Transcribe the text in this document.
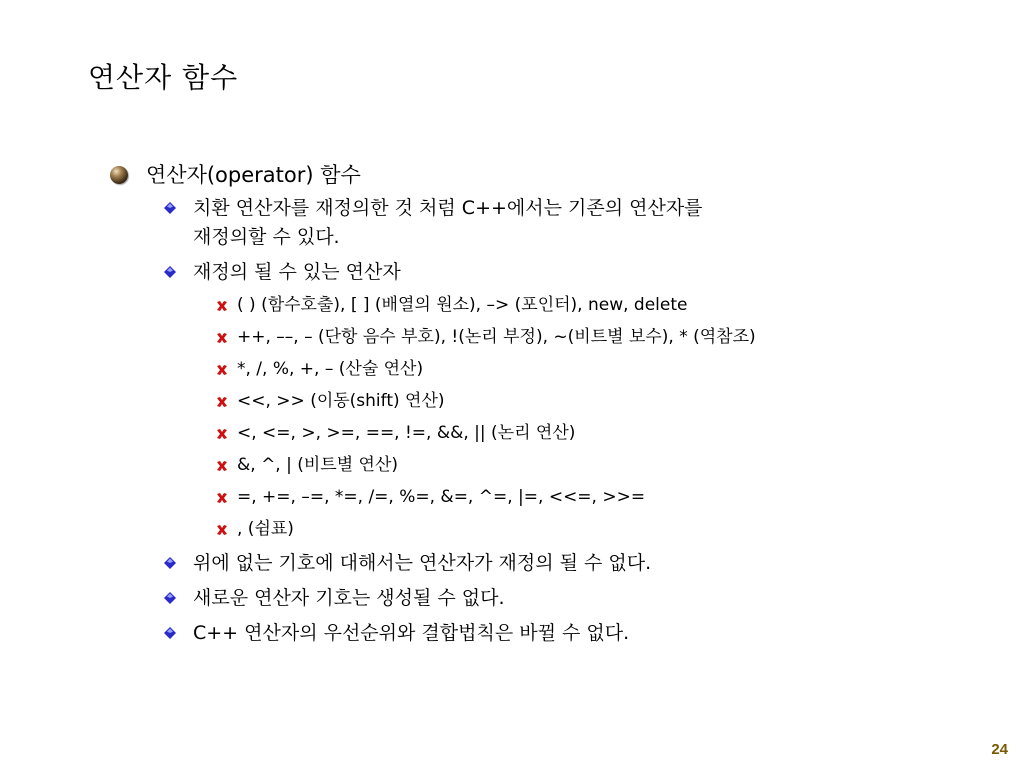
연산자 함수
연산자(operator) 함수
치환 연산자를 재정의한 것 처럼 C++에서는 기존의 연산자를
재정의할 수 있다.
재정의 될 수 있는 연산자
( ) (함수호출), [ ] (배열의 원소), –> (포인터), new, delete
++, ––, – (단항 음수 부호), !(논리 부정), ~(비트별 보수), * (역참조)
*, /, %, +, – (산술 연산)
<<, >> (이동(shift) 연산)
<, <=, >, >=, ==, !=, &&, || (논리 연산)
&, ^, | (비트별 연산)
=, +=, –=, *=, /=, %=, &=, ^=, |=, <<=, >>=
, (쉼표)
위에 없는 기호에 대해서는 연산자가 재정의 될 수 없다.
새로운 연산자 기호는 생성될 수 없다.
C++ 연산자의 우선순위와 결합법칙은 바뀔 수 없다.
24
